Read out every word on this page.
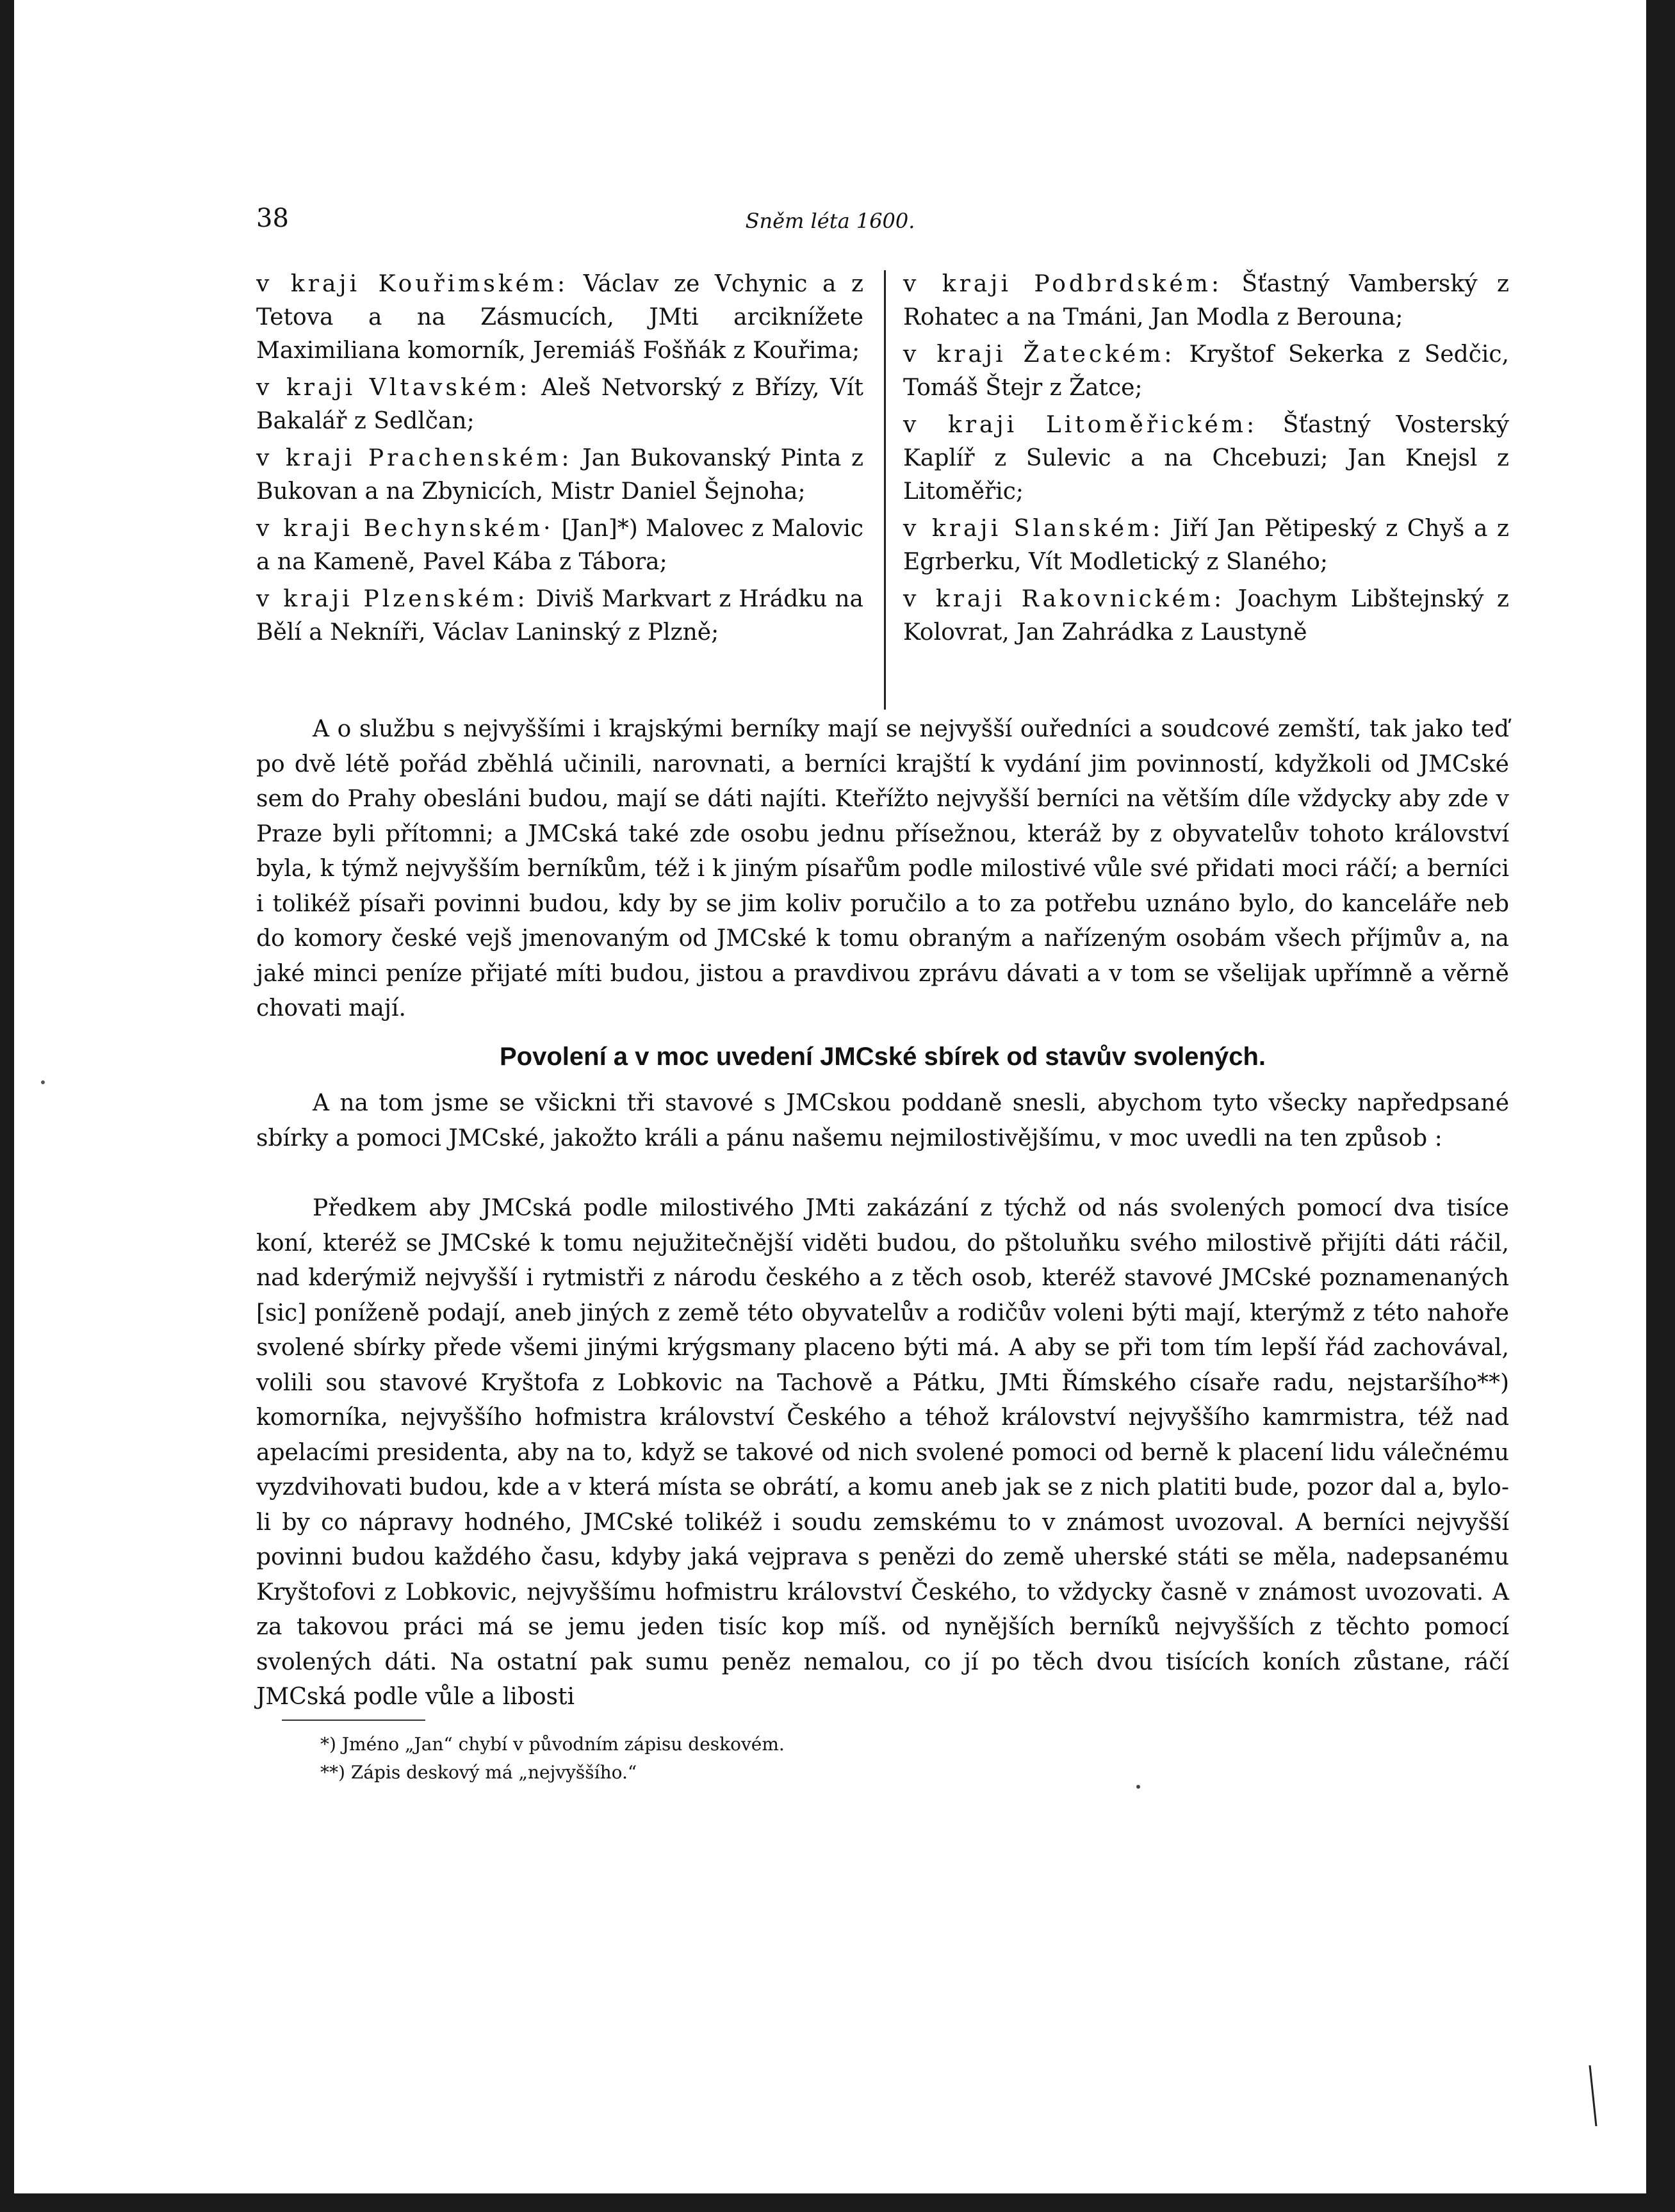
38	Sněm léta 1600.

v kraji Kouřimském: Václav ze Vchynic a z Tetova a na Zásmucích, JMti arciknížete Maximiliana komorník, Jeremiáš Fošňák z Kouřima;

v kraji Vltavském: Aleš Netvorský z Břízy, Vít Bakalář z Sedlčan;

v kraji Prachenském: Jan Bukovanský Pinta z Bukovan a na Zbynicích, Mistr Daniel Šejnoha;

v kraji Bechynském· [Jan]*) Malovec z Malovic a na Kameně, Pavel Kába z Tábora;

v kraji Plzenském: Diviš Markvart z Hrádku na Bělí a Nekníři, Václav Laninský z Plzně;

v kraji Podbrdském: Šťastný Vamberský z Rohatec a na Tmáni, Jan Modla z Berouna;

v kraji Žateckém: Kryštof Sekerka z Sedčic, Tomáš Štejr z Žatce;

v kraji Litoměřickém: Šťastný Vosterský Kaplíř z Sulevic a na Chcebuzi; Jan Knejsl z Litoměřic;

v kraji Slanském: Jiří Jan Pětipeský z Chyš a z Egrberku, Vít Modletický z Slaného;

v kraji Rakovnickém: Joachym Libštejnský z Kolovrat, Jan Zahrádka z Laustyně

A o službu s nejvyššími i krajskými berníky mají se nejvyšší ouředníci a soudcové zemští, tak jako teď po dvě létě pořád zběhlá učinili, narovnati, a berníci krajští k vydání jim povinností, kdyžkoli od JMCské sem do Prahy obesláni budou, mají se dáti najíti. Kteřížto nejvyšší berníci na větším díle vždycky aby zde v Praze byli přítomni; a JMCská také zde osobu jednu přísežnou, kteráž by z obyvatelův tohoto království byla, k týmž nejvyšším berníkům, též i k jiným písařům podle milostivé vůle své přidati moci ráčí; a berníci i tolikéž písaři povinni budou, kdy by se jim koliv poručilo a to za potřebu uznáno bylo, do kanceláře neb do komory české vejš jmenovaným od JMCské k tomu obraným a nařízeným osobám všech příjmův a, na jaké minci peníze přijaté míti budou, jistou a pravdivou zprávu dávati a v tom se všelijak upřímně a věrně chovati mají.

Povolení a v moc uvedení JMCské sbírek od stavův svolených.

A na tom jsme se všickni tři stavové s JMCskou poddaně snesli, abychom tyto všecky napředpsané sbírky a pomoci JMCské, jakožto králi a pánu našemu nejmilostivějšímu, v moc uvedli na ten způsob :

Předkem aby JMCská podle milostivého JMti zakázání z týchž od nás svolených pomocí dva tisíce koní, kteréž se JMCské k tomu nejužitečnější viděti budou, do pštoluňku svého milostivě přijíti dáti ráčil, nad kderýmiž nejvyšší i rytmistři z národu českého a z těch osob, kteréž stavové JMCské poznamenaných [sic] poníženě podají, aneb jiných z země této obyvatelův a rodičův voleni býti mají, kterýmž z této nahoře svolené sbírky přede všemi jinými krýgsmany placeno býti má. A aby se při tom tím lepší řád zachovával, volili sou stavové Kryštofa z Lobkovic na Tachově a Pátku, JMti Římského císaře radu, nejstaršího**) komorníka, nejvyššího hofmistra království Českého a téhož království nejvyššího kamrmistra, též nad apelacími presidenta, aby na to, když se takové od nich svolené pomoci od berně k placení lidu válečnému vyzdvihovati budou, kde a v která místa se obrátí, a komu aneb jak se z nich platiti bude, pozor dal a, bylo-li by co nápravy hodného, JMCské tolikéž i soudu zemskému to v známost uvozoval. A berníci nejvyšší povinni budou každého času, kdyby jaká vejprava s penězi do země uherské státi se měla, nadepsanému Kryštofovi z Lobkovic, nejvyššímu hofmistru království Českého, to vždycky časně v známost uvozovati. A za takovou práci má se jemu jeden tisíc kop míš. od nynějších berníků nejvyšších z těchto pomocí svolených dáti. Na ostatní pak sumu peněz nemalou, co jí po těch dvou tisících koních zůstane, ráčí JMCská podle vůle a libosti

*) Jméno „Jan“ chybí v původním zápisu deskovém.
**) Zápis deskový má „nejvyššího.“
